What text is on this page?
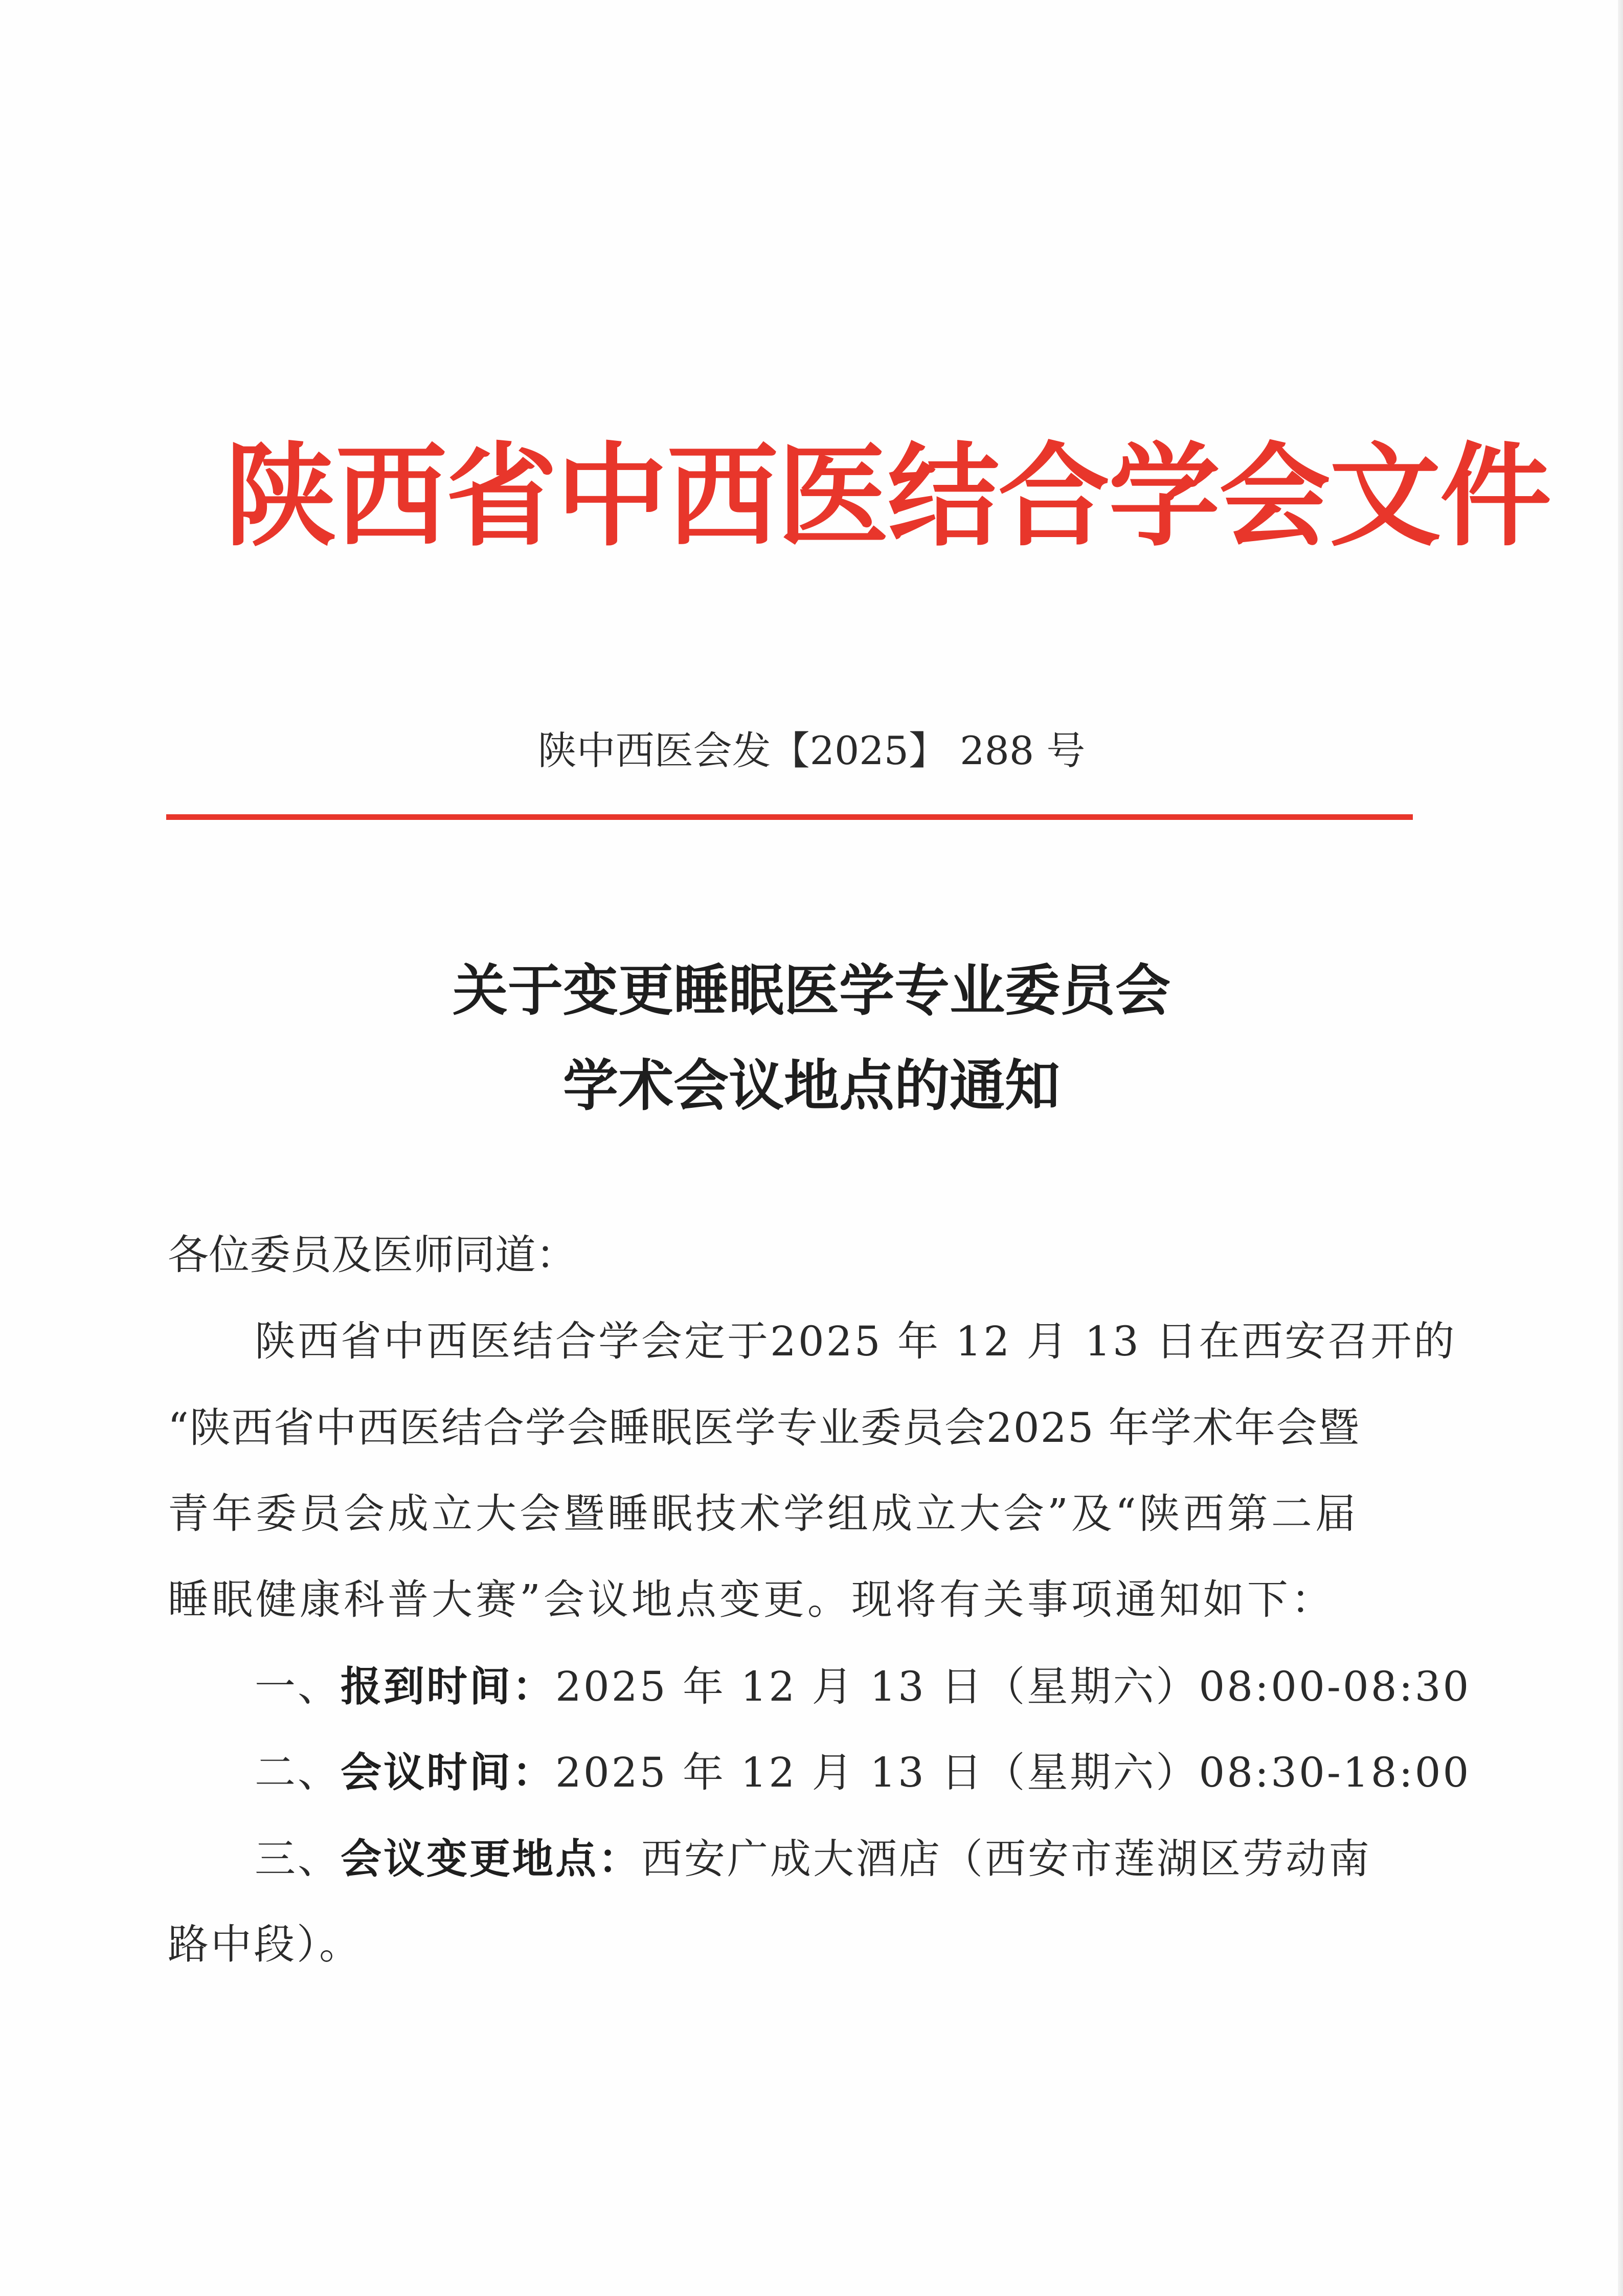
陕西省中西医结合学会文件
陕中西医会发【2025】 288 号
关于变更睡眠医学专业委员会
学术会议地点的通知
各位委员及医师同道：
陕西省中西医结合学会定于2025 年 12 月 13 日在西安召开的
“陕西省中西医结合学会睡眠医学专业委员会2025 年学术年会暨
青年委员会成立大会暨睡眠技术学组成立大会”及“陕西第二届
睡眠健康科普大赛”会议地点变更。现将有关事项通知如下：
一、报到时间：2025 年 12 月 13 日（星期六）08:00-08:30
二、会议时间：2025 年 12 月 13 日（星期六）08:30-18:00
三、会议变更地点：西安广成大酒店（西安市莲湖区劳动南
路中段）。
